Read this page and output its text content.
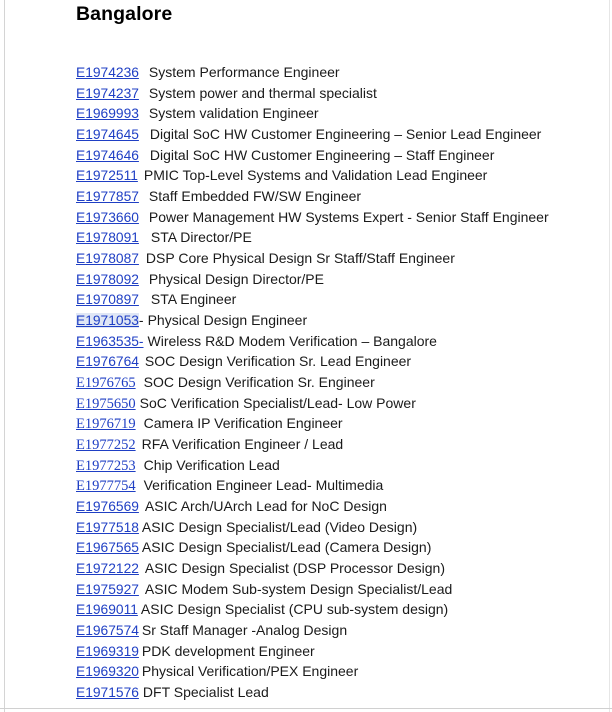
Bangalore
E1974236 System Performance Engineer
E1974237 System power and thermal specialist
E1969993 System validation Engineer
E1974645 Digital SoC HW Customer Engineering – Senior Lead Engineer
E1974646 Digital SoC HW Customer Engineering – Staff Engineer
E1972511 PMIC Top-Level Systems and Validation Lead Engineer
E1977857 Staff Embedded FW/SW Engineer
E1973660 Power Management HW Systems Expert - Senior Staff Engineer
E1978091 STA Director/PE
E1978087 DSP Core Physical Design Sr Staff/Staff Engineer
E1978092 Physical Design Director/PE
E1970897 STA Engineer
E1971053- Physical Design Engineer
E1963535- Wireless R&D Modem Verification – Bangalore
E1976764 SOC Design Verification Sr. Lead Engineer
E1976765 SOC Design Verification Sr. Engineer
E1975650 SoC Verification Specialist/Lead- Low Power
E1976719 Camera IP Verification Engineer
E1977252 RFA Verification Engineer / Lead
E1977253 Chip Verification Lead
E1977754 Verification Engineer Lead- Multimedia
E1976569 ASIC Arch/UArch Lead for NoC Design
E1977518 ASIC Design Specialist/Lead (Video Design)
E1967565 ASIC Design Specialist/Lead (Camera Design)
E1972122 ASIC Design Specialist (DSP Processor Design)
E1975927 ASIC Modem Sub-system Design Specialist/Lead
E1969011 ASIC Design Specialist (CPU sub-system design)
E1967574 Sr Staff Manager -Analog Design
E1969319 PDK development Engineer
E1969320 Physical Verification/PEX Engineer
E1971576 DFT Specialist Lead
